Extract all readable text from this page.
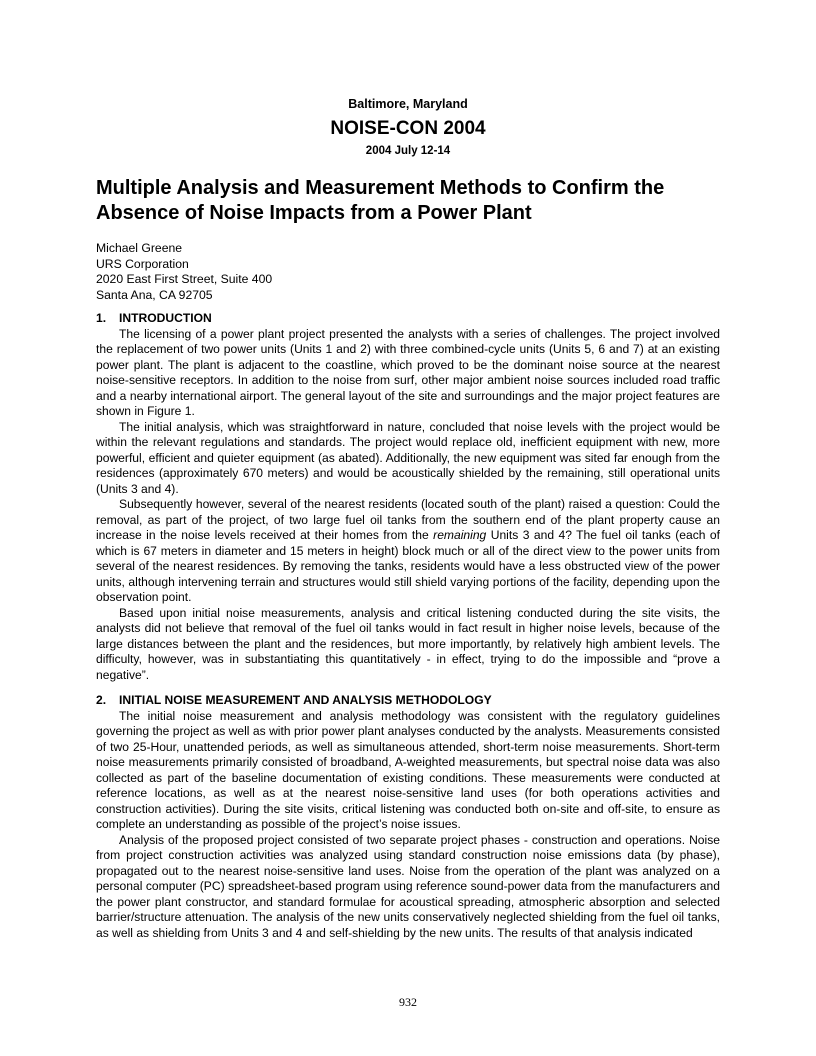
Baltimore, Maryland
NOISE-CON 2004
2004 July 12-14
Multiple Analysis and Measurement Methods to Confirm the Absence of Noise Impacts from a Power Plant
Michael Greene
URS Corporation
2020 East First Street, Suite 400
Santa Ana, CA 92705
1. INTRODUCTION

The licensing of a power plant project presented the analysts with a series of challenges. The project involved the replacement of two power units (Units 1 and 2) with three combined-cycle units (Units 5, 6 and 7) at an existing power plant. The plant is adjacent to the coastline, which proved to be the dominant noise source at the nearest noise-sensitive receptors. In addition to the noise from surf, other major ambient noise sources included road traffic and a nearby international airport. The general layout of the site and surroundings and the major project features are shown in Figure 1.

The initial analysis, which was straightforward in nature, concluded that noise levels with the project would be within the relevant regulations and standards. The project would replace old, inefficient equipment with new, more powerful, efficient and quieter equipment (as abated). Additionally, the new equipment was sited far enough from the residences (approximately 670 meters) and would be acoustically shielded by the remaining, still operational units (Units 3 and 4).

Subsequently however, several of the nearest residents (located south of the plant) raised a question: Could the removal, as part of the project, of two large fuel oil tanks from the southern end of the plant property cause an increase in the noise levels received at their homes from the remaining Units 3 and 4? The fuel oil tanks (each of which is 67 meters in diameter and 15 meters in height) block much or all of the direct view to the power units from several of the nearest residences. By removing the tanks, residents would have a less obstructed view of the power units, although intervening terrain and structures would still shield varying portions of the facility, depending upon the observation point.

Based upon initial noise measurements, analysis and critical listening conducted during the site visits, the analysts did not believe that removal of the fuel oil tanks would in fact result in higher noise levels, because of the large distances between the plant and the residences, but more importantly, by relatively high ambient levels. The difficulty, however, was in substantiating this quantitatively - in effect, trying to do the impossible and “prove a negative”.

2. INITIAL NOISE MEASUREMENT AND ANALYSIS METHODOLOGY

The initial noise measurement and analysis methodology was consistent with the regulatory guidelines governing the project as well as with prior power plant analyses conducted by the analysts. Measurements consisted of two 25-Hour, unattended periods, as well as simultaneous attended, short-term noise measurements. Short-term noise measurements primarily consisted of broadband, A-weighted measurements, but spectral noise data was also collected as part of the baseline documentation of existing conditions. These measurements were conducted at reference locations, as well as at the nearest noise-sensitive land uses (for both operations activities and construction activities). During the site visits, critical listening was conducted both on-site and off-site, to ensure as complete an understanding as possible of the project’s noise issues.

Analysis of the proposed project consisted of two separate project phases - construction and operations. Noise from project construction activities was analyzed using standard construction noise emissions data (by phase), propagated out to the nearest noise-sensitive land uses. Noise from the operation of the plant was analyzed on a personal computer (PC) spreadsheet-based program using reference sound-power data from the manufacturers and the power plant constructor, and standard formulae for acoustical spreading, atmospheric absorption and selected barrier/structure attenuation. The analysis of the new units conservatively neglected shielding from the fuel oil tanks, as well as shielding from Units 3 and 4 and self-shielding by the new units. The results of that analysis indicated

932
